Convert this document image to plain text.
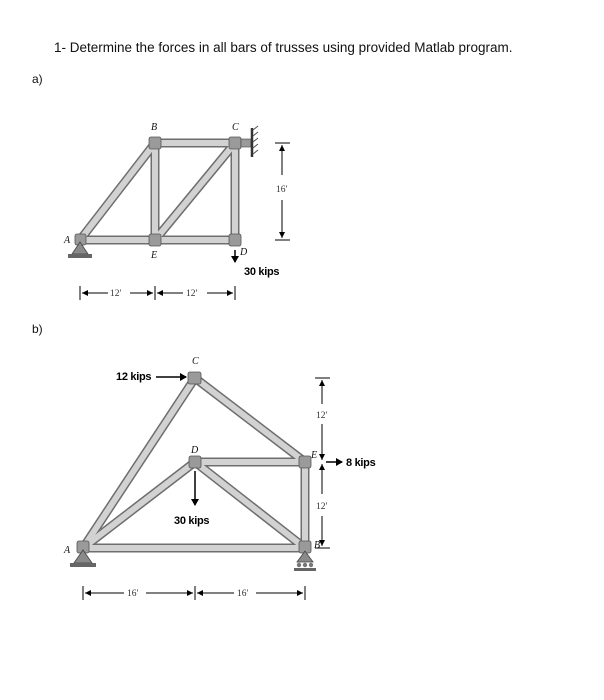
1- Determine the forces in all bars of trusses using provided Matlab program.
a)
b)
30 kips
16′
12′	12′
A
B	C
D
E
12 kips
30 kips
8 kips
12′
12′
16′	16′
A	B
C
D	E
